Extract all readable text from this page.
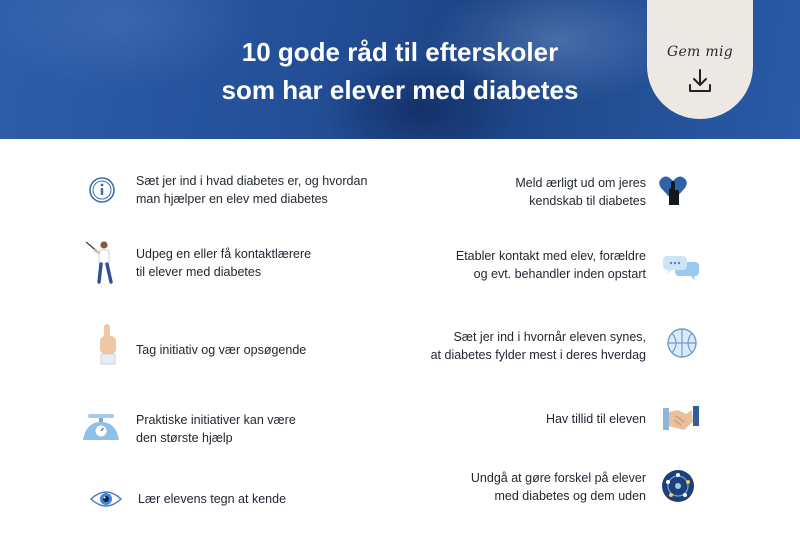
10 gode råd til efterskoler
som har elever med diabetes
Gem mig
Sæt jer ind i hvad diabetes er, og hvordan
man hjælper en elev med diabetes
Udpeg en eller få kontaktlærere
til elever med diabetes
Tag initiativ og vær opsøgende
Praktiske initiativer kan være
den største hjælp
Lær elevens tegn at kende
Meld ærligt ud om jeres
kendskab til diabetes
Etabler kontakt med elev, forældre
og evt. behandler inden opstart
Sæt jer ind i hvornår eleven synes,
at diabetes fylder mest i deres hverdag
Hav tillid til eleven
Undgå at gøre forskel på elever
med diabetes og dem uden
